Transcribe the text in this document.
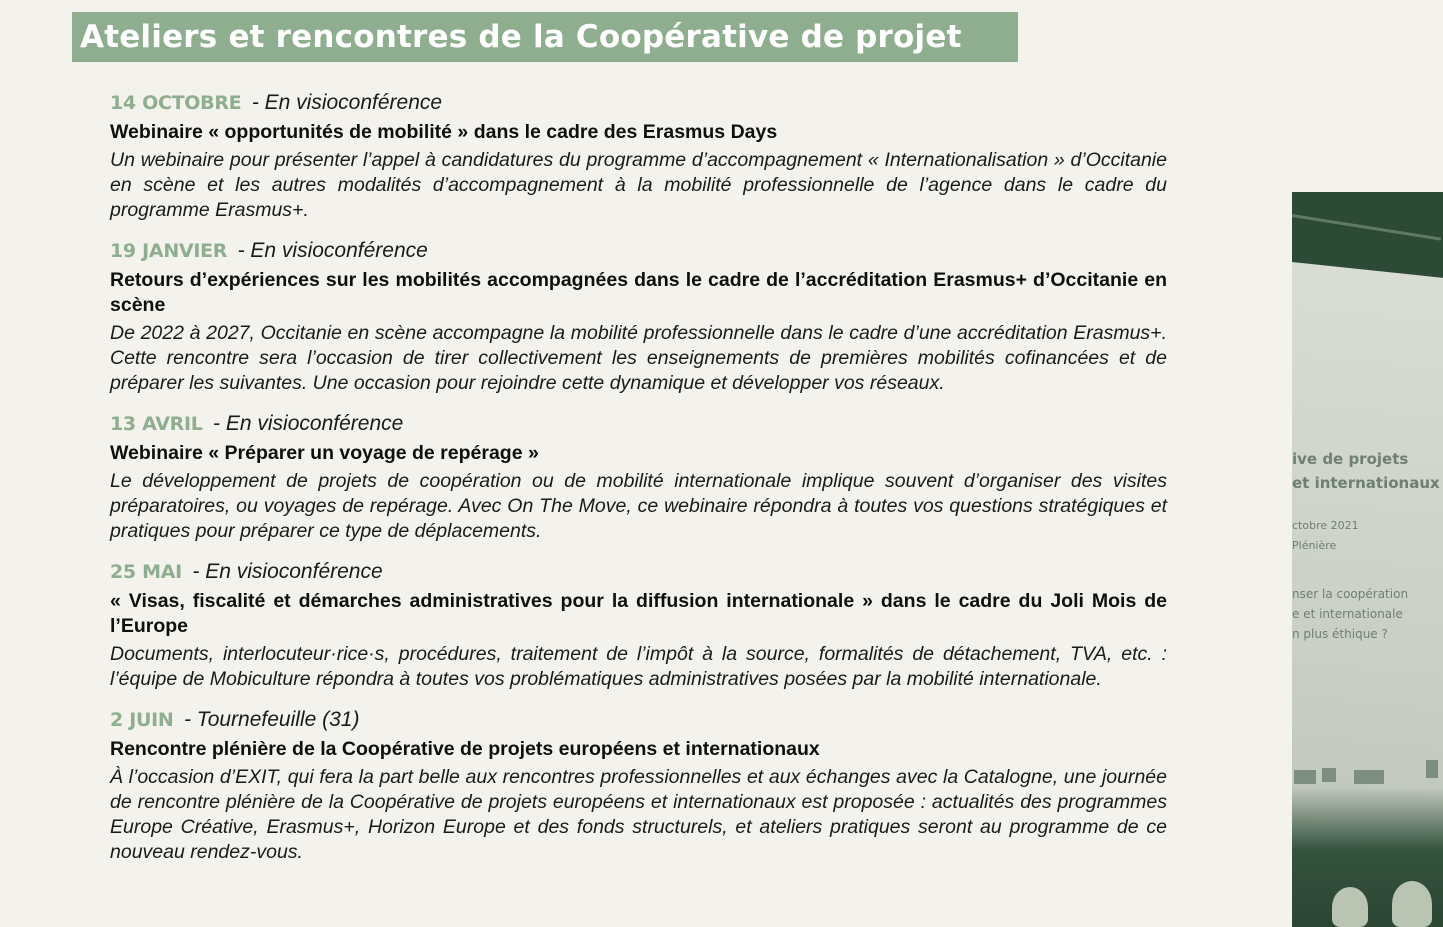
Ateliers et rencontres de la Coopérative de projet
14 OCTOBRE - En visioconférence
Webinaire « opportunités de mobilité » dans le cadre des Erasmus Days
Un webinaire pour présenter l’appel à candidatures du programme d’accompagnement « Internationalisation » d’Occitanie en scène et les autres modalités d’accompagnement à la mobilité professionnelle de l’agence dans le cadre du programme Erasmus+.
19 JANVIER - En visioconférence
Retours d’expériences sur les mobilités accompagnées dans le cadre de l’accréditation Erasmus+ d’Occitanie en scène
De 2022 à 2027, Occitanie en scène accompagne la mobilité professionnelle dans le cadre d’une accréditation Erasmus+. Cette rencontre sera l’occasion de tirer collectivement les enseignements de premières mobilités cofinancées et de préparer les suivantes. Une occasion pour rejoindre cette dynamique et développer vos réseaux.
13 AVRIL - En visioconférence
Webinaire « Préparer un voyage de repérage »
Le développement de projets de coopération ou de mobilité internationale implique souvent d’organiser des visites préparatoires, ou voyages de repérage. Avec On The Move, ce webinaire répondra à toutes vos questions stratégiques et pratiques pour préparer ce type de déplacements.
25 MAI - En visioconférence
« Visas, fiscalité et démarches administratives pour la diffusion internationale » dans le cadre du Joli Mois de l’Europe
Documents, interlocuteur·rice·s, procédures, traitement de l’impôt à la source, formalités de détachement, TVA, etc. : l’équipe de Mobiculture répondra à toutes vos problématiques administratives posées par la mobilité internationale.
2 JUIN - Tournefeuille (31)
Rencontre plénière de la Coopérative de projets européens et internationaux
À l’occasion d’EXIT, qui fera la part belle aux rencontres professionnelles et aux échanges avec la Catalogne, une journée de rencontre plénière de la Coopérative de projets européens et internationaux est proposée : actualités des programmes Europe Créative, Erasmus+, Horizon Europe et des fonds structurels, et ateliers pratiques seront au programme de ce nouveau rendez-vous.
ive de projets
et internationaux
ctobre 2021
Plénière
nser la coopération
e et internationale
n plus éthique ?
